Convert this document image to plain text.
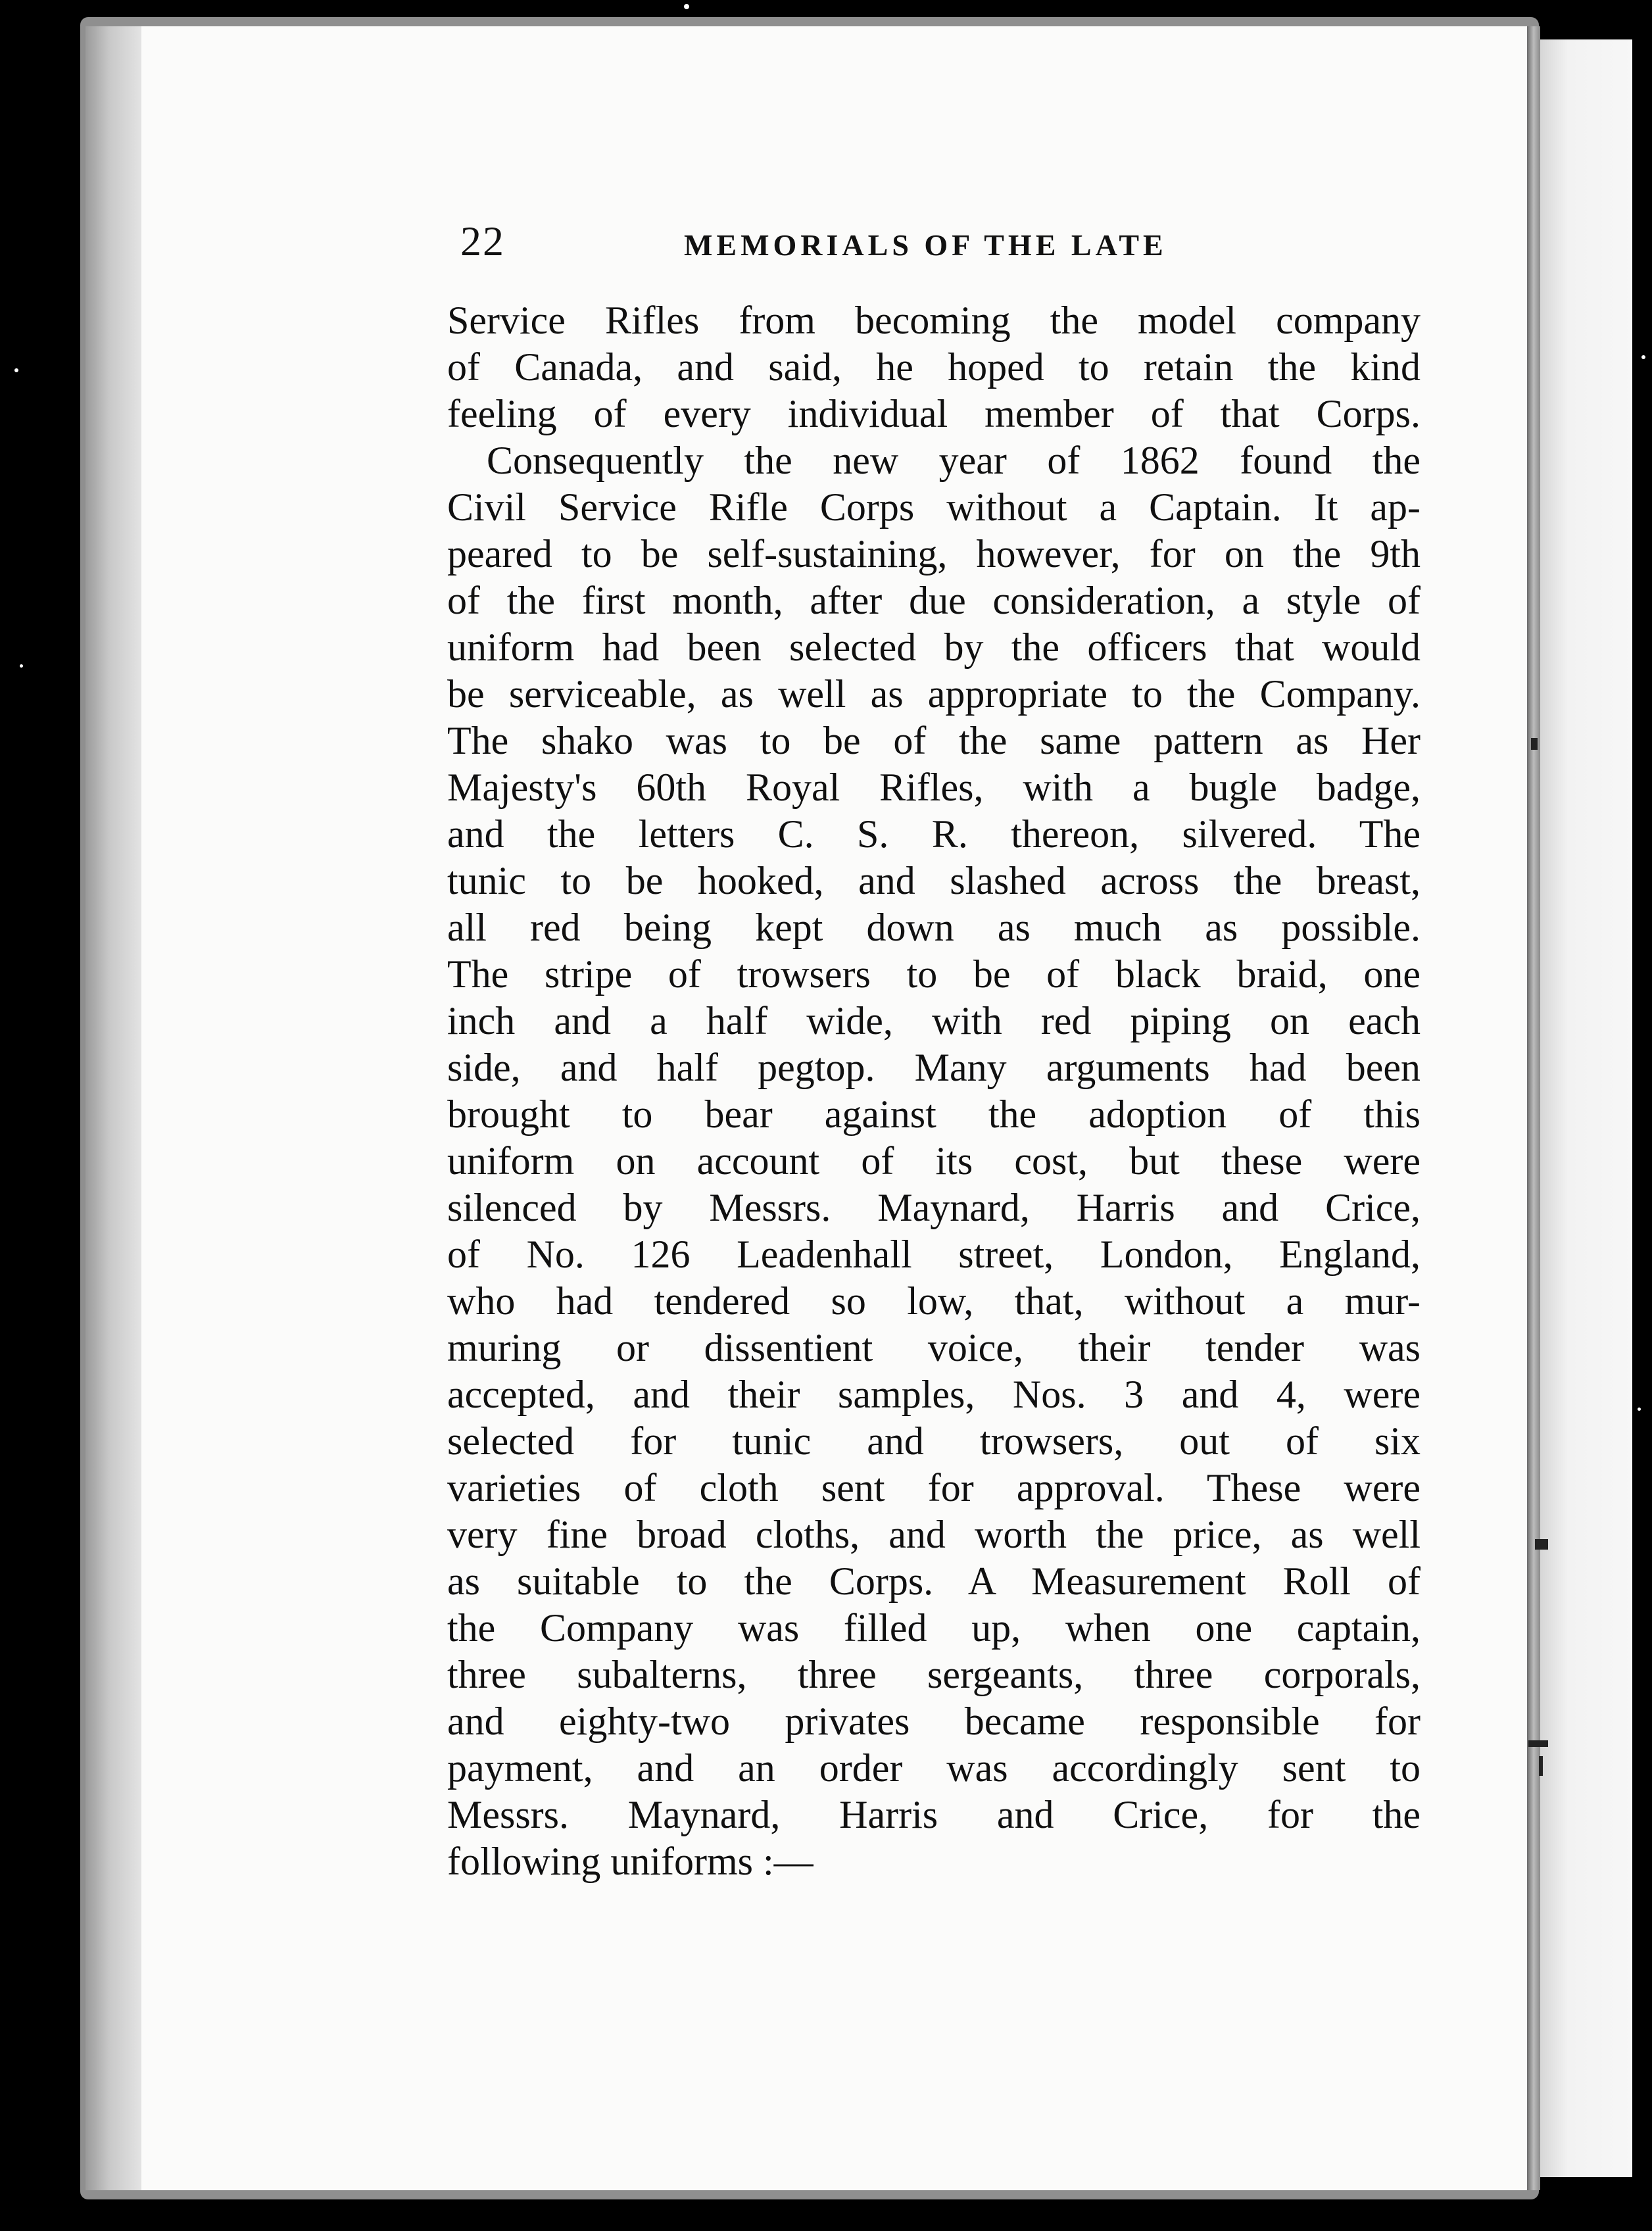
22	MEMORIALS OF THE LATE
Service Rifles from becoming the model company
of Canada, and said, he hoped to retain the kind
feeling of every individual member of that Corps.
Consequently the new year of 1862 found the
Civil Service Rifle Corps without a Captain. It ap-
peared to be self-sustaining, however, for on the 9th
of the first month, after due consideration, a style of
uniform had been selected by the officers that would
be serviceable, as well as appropriate to the Company.
The shako was to be of the same pattern as Her
Majesty's 60th Royal Rifles, with a bugle badge,
and the letters C. S. R. thereon, silvered. The
tunic to be hooked, and slashed across the breast,
all red being kept down as much as possible.
The stripe of trowsers to be of black braid, one
inch and a half wide, with red piping on each
side, and half pegtop. Many arguments had been
brought to bear against the adoption of this
uniform on account of its cost, but these were
silenced by Messrs. Maynard, Harris and Crice,
of No. 126 Leadenhall street, London, England,
who had tendered so low, that, without a mur-
muring or dissentient voice, their tender was
accepted, and their samples, Nos. 3 and 4, were
selected for tunic and trowsers, out of six
varieties of cloth sent for approval. These were
very fine broad cloths, and worth the price, as well
as suitable to the Corps. A Measurement Roll of
the Company was filled up, when one captain,
three subalterns, three sergeants, three corporals,
and eighty-two privates became responsible for
payment, and an order was accordingly sent to
Messrs. Maynard, Harris and Crice, for the
following uniforms :—
